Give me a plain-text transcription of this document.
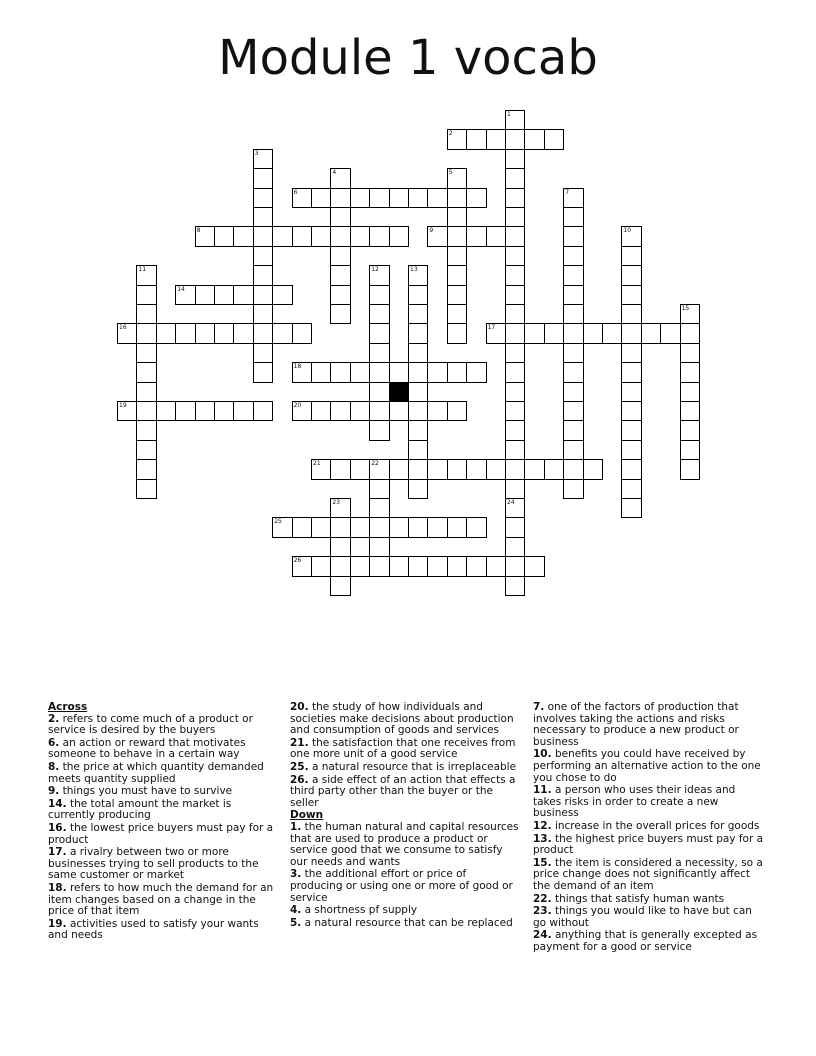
Module 1 vocab
1
2
3
4	5
6	7
8	9	10
11	12	13
14
15
16	17
18
19	20
21	22
23	24
25
26
Across
2. refers to come much of a product or service is desired by the buyers
6. an action or reward that motivates someone to behave in a certain way
8. the price at which quantity demanded meets quantity supplied
9. things you must have to survive
14. the total amount the market is currently producing
16. the lowest price buyers must pay for a product
17. a rivalry between two or more businesses trying to sell products to the same customer or market
18. refers to how much the demand for an item changes based on a change in the price of that item
19. activities used to satisfy your wants and needs
20. the study of how individuals and societies make decisions about production and consumption of goods and services
21. the satisfaction that one receives from one more unit of a good service
25. a natural resource that is irreplaceable
26. a side effect of an action that effects a third party other than the buyer or the seller
Down
1. the human natural and capital resources that are used to produce a product or service good that we consume to satisfy our needs and wants
3. the additional effort or price of producing or using one or more of good or service
4. a shortness pf supply
5. a natural resource that can be replaced
7. one of the factors of production that involves taking the actions and risks necessary to produce a new product or business
10. benefits you could have received by performing an alternative action to the one you chose to do
11. a person who uses their ideas and takes risks in order to create a new business
12. increase in the overall prices for goods
13. the highest price buyers must pay for a product
15. the item is considered a necessity, so a price change does not significantly affect the demand of an item
22. things that satisfy human wants
23. things you would like to have but can go without
24. anything that is generally excepted as payment for a good or service
